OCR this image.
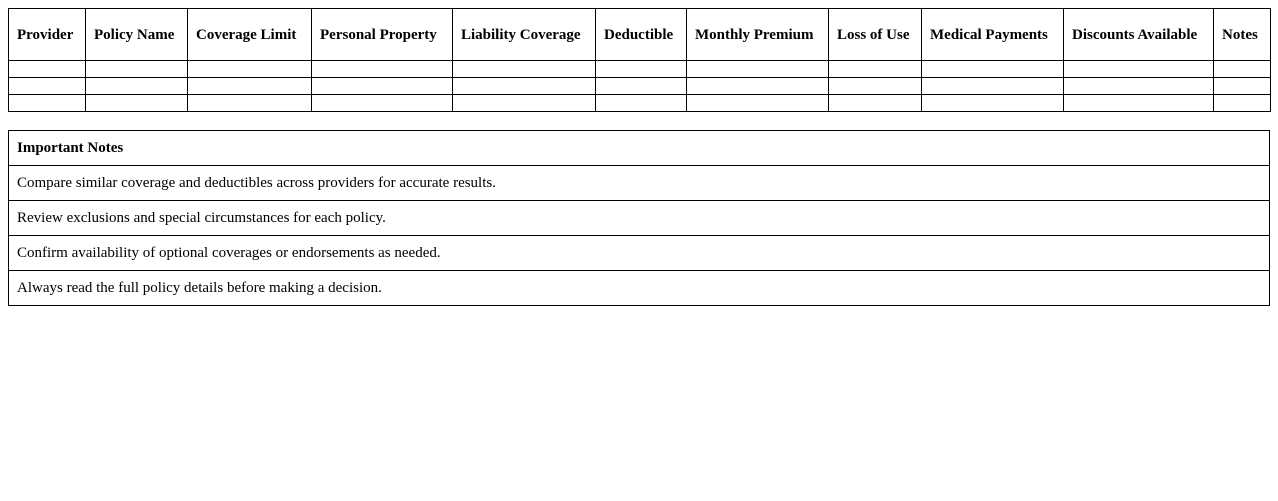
Provider	Policy Name	Coverage Limit	Personal Property	Liability Coverage	Deductible	Monthly Premium	Loss of Use	Medical Payments	Discounts Available	Notes

Important Notes
Compare similar coverage and deductibles across providers for accurate results.
Review exclusions and special circumstances for each policy.
Confirm availability of optional coverages or endorsements as needed.
Always read the full policy details before making a decision.
